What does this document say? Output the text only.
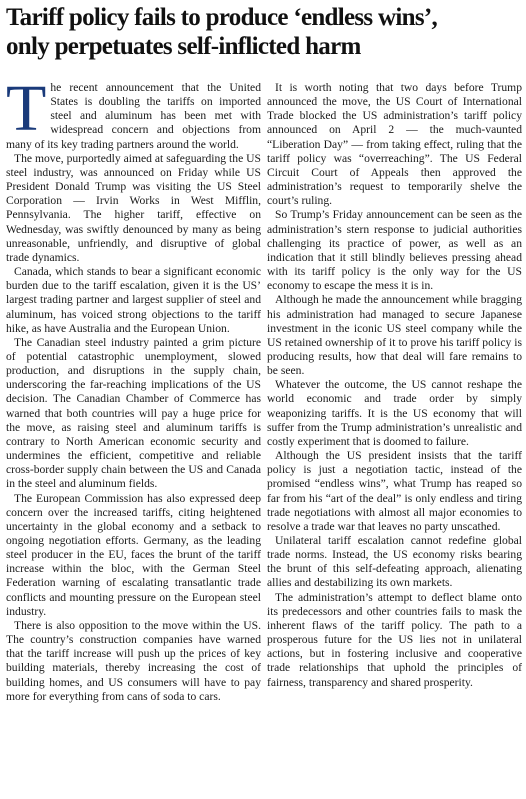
Tariff policy fails to produce ‘endless wins’,
only perpetuates self-inflicted harm

The recent announcement that the United States is doubling the tariffs on imported steel and aluminum has been met with widespread concern and objections from many of its key trading partners around the world.

The move, purportedly aimed at safeguarding the US steel industry, was announced on Friday while US President Donald Trump was visiting the US Steel Corporation — Irvin Works in West Mifflin, Pennsylvania. The higher tariff, effective on Wednesday, was swiftly denounced by many as being unreasonable, unfriendly, and disruptive of global trade dynamics.

Canada, which stands to bear a significant economic burden due to the tariff escalation, given it is the US’ largest trading partner and largest supplier of steel and aluminum, has voiced strong objections to the tariff hike, as have Australia and the European Union.

The Canadian steel industry painted a grim picture of potential catastrophic unemployment, slowed production, and disruptions in the supply chain, underscoring the far-reaching implications of the US decision. The Canadian Chamber of Commerce has warned that both countries will pay a huge price for the move, as raising steel and aluminum tariffs is contrary to North American economic security and undermines the efficient, competitive and reliable cross-border supply chain between the US and Canada in the steel and aluminum fields.

The European Commission has also expressed deep concern over the increased tariffs, citing heightened uncertainty in the global economy and a setback to ongoing negotiation efforts. Germany, as the leading steel producer in the EU, faces the brunt of the tariff increase within the bloc, with the German Steel Federation warning of escalating transatlantic trade conflicts and mounting pressure on the European steel industry.

There is also opposition to the move within the US. The country’s construction companies have warned that the tariff increase will push up the prices of key building materials, thereby increasing the cost of building homes, and US consumers will have to pay more for everything from cans of soda to cars.

It is worth noting that two days before Trump announced the move, the US Court of International Trade blocked the US administration’s tariff policy announced on April 2 — the much-vaunted “Liberation Day” — from taking effect, ruling that the tariff policy was “overreaching”. The US Federal Circuit Court of Appeals then approved the administration’s request to temporarily shelve the court’s ruling.

So Trump’s Friday announcement can be seen as the administration’s stern response to judicial authorities challenging its practice of power, as well as an indication that it still blindly believes pressing ahead with its tariff policy is the only way for the US economy to escape the mess it is in.

Although he made the announcement while bragging his administration had managed to secure Japanese investment in the iconic US steel company while the US retained ownership of it to prove his tariff policy is producing results, how that deal will fare remains to be seen.

Whatever the outcome, the US cannot reshape the world economic and trade order by simply weaponizing tariffs. It is the US economy that will suffer from the Trump administration’s unrealistic and costly experiment that is doomed to failure.

Although the US president insists that the tariff policy is just a negotiation tactic, instead of the promised “endless wins”, what Trump has reaped so far from his “art of the deal” is only endless and tiring trade negotiations with almost all major economies to resolve a trade war that leaves no party unscathed.

Unilateral tariff escalation cannot redefine global trade norms. Instead, the US economy risks bearing the brunt of this self-defeating approach, alienating allies and destabilizing its own markets.

The administration’s attempt to deflect blame onto its predecessors and other countries fails to mask the inherent flaws of the tariff policy. The path to a prosperous future for the US lies not in unilateral actions, but in fostering inclusive and cooperative trade relationships that uphold the principles of fairness, transparency and shared prosperity.
